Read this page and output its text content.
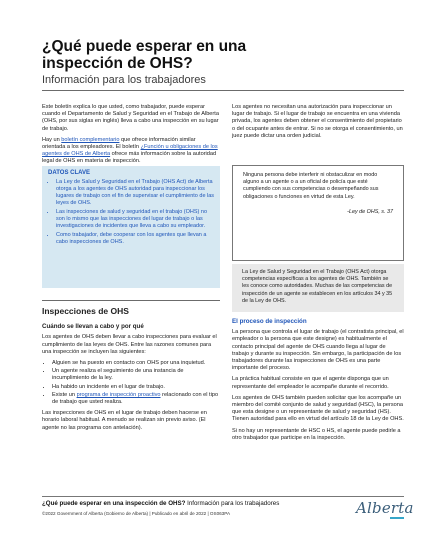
¿Qué puede esperar en una
inspección de OHS?
Información para los trabajadores

Este boletín explica lo que usted, como trabajador, puede esperar cuando el Departamento de Salud y Seguridad en el Trabajo de Alberta (OHS, por sus siglas en inglés) lleva a cabo una inspección en su lugar de trabajo.

Hay un boletín complementario que ofrece información similar orientada a los empleadores. El boletín ¿Función u obligaciones de los agentes de OHS de Alberta ofrece más información sobre la autoridad legal de OHS en materia de inspección.

DATOS CLAVE
• La Ley de Salud y Seguridad en el Trabajo (OHS Act) de Alberta otorga a los agentes de OHS autoridad para inspeccionar los lugares de trabajo con el fin de supervisar el cumplimiento de las leyes de OHS.
• Las inspecciones de salud y seguridad en el trabajo (OHS) no son lo mismo que las inspecciones del lugar de trabajo o las investigaciones de incidentes que lleva a cabo su empleador.
• Como trabajador, debe cooperar con los agentes que llevan a cabo inspecciones de OHS.

Los agentes no necesitan una autorización para inspeccionar un lugar de trabajo. Si el lugar de trabajo se encuentra en una vivienda privada, los agentes deben obtener el consentimiento del propietario o del ocupante antes de entrar. Si no se otorga el consentimiento, un juez puede dictar una orden judicial.

Ninguna persona debe interferir ni obstaculizar en modo alguno a un agente o a un oficial de policía que esté cumpliendo con sus competencias o desempeñando sus obligaciones o funciones en virtud de esta Ley.
-Ley de OHS, s. 37
La Ley de Salud y Seguridad en el Trabajo (OHS Act) otorga competencias específicas a los agentes de OHS. También se les conoce como autoridades. Muchas de las competencias de inspección de un agente se establecen en los artículos 34 y 35 de la Ley de OHS.

Inspecciones de OHS

Cuándo se llevan a cabo y por qué

Los agentes de OHS deben llevar a cabo inspecciones para evaluar el cumplimiento de las leyes de OHS. Entre las razones comunes para una inspección se incluyen las siguientes:

• Alguien se ha puesto en contacto con OHS por una inquietud.
• Un agente realiza el seguimiento de una instancia de incumplimiento de la ley.
• Ha habido un incidente en el lugar de trabajo.
• Existe un programa de inspección proactivo relacionado con el tipo de trabajo que usted realiza.

Las inspecciones de OHS en el lugar de trabajo deben hacerse en horario laboral habitual. A menudo se realizan sin previo aviso. (El agente no las programa con antelación).

El proceso de inspección

La persona que controla el lugar de trabajo (el contratista principal, el empleador o la persona que este designe) es habitualmente el contacto principal del agente de OHS cuando llega al lugar de trabajo y durante su inspección. Sin embargo, la participación de los trabajadores durante las inspecciones de OHS es una parte importante del proceso.

La práctica habitual consiste en que el agente disponga que un representante del empleador le acompañe durante el recorrido.

Los agentes de OHS también pueden solicitar que los acompañe un miembro del comité conjunto de salud y seguridad (HSC), la persona que esta designe o un representante de salud y seguridad (HS). Tienen autoridad para ello en virtud del artículo 18 de la Ley de OHS.

Si no hay un representante de HSC o HS, el agente puede pedirle a otro trabajador que participe en la inspección.

¿Qué puede esperar en una inspección de OHS? Información para los trabajadores
©2022 Government of Alberta (Gobierno de Alberta) | Publicado en abril de 2022 | OS063PA	Alberta
